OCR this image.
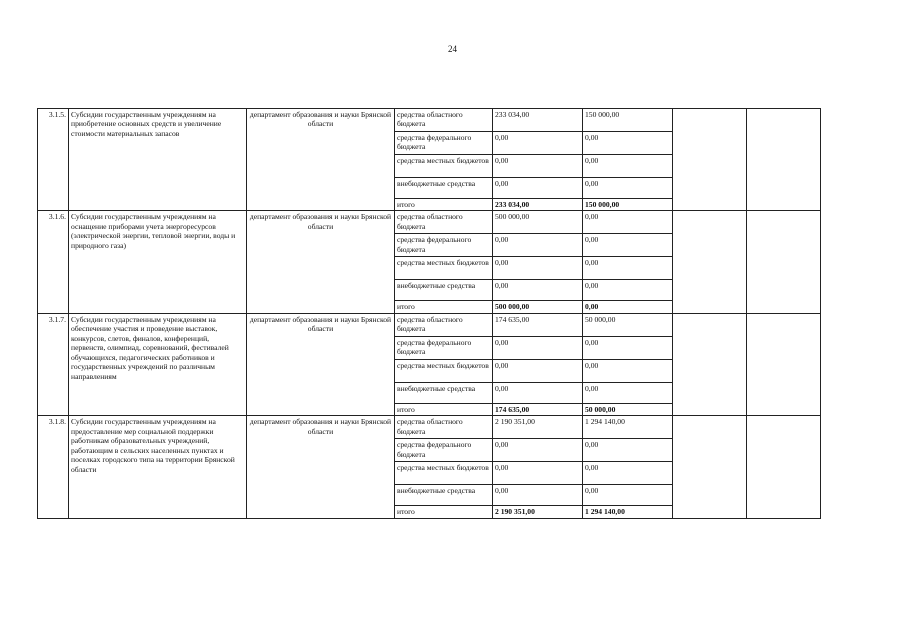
24
3.1.5.	Субсидии государственным учреждениям на приобретение основных средств и увеличение стоимости материальных запасов	департамент образования и науки Брянской области	средства областного бюджета	233 034,00	150 000,00		
			средства федерального бюджета	0,00	0,00		
			средства местных бюджетов	0,00	0,00		
			внебюджетные средства	0,00	0,00		
			итого	233 034,00	150 000,00		
3.1.6.	Субсидии государственным учреждениям на оснащение приборами учета энергоресурсов (электрической энергии, тепловой энергии, воды и природного газа)	департамент образования и науки Брянской области	средства областного бюджета	500 000,00	0,00		
			средства федерального бюджета	0,00	0,00		
			средства местных бюджетов	0,00	0,00		
			внебюджетные средства	0,00	0,00		
			итого	500 000,00	0,00		
3.1.7.	Субсидии государственным учреждениям на обеспечение участия и проведение выставок, конкурсов, слетов, финалов, конференций, первенств, олимпиад, соревнований, фестивалей обучающихся, педагогических работников и государственных учреждений по различным направлениям	департамент образования и науки Брянской области	средства областного бюджета	174 635,00	50 000,00		
			средства федерального бюджета	0,00	0,00		
			средства местных бюджетов	0,00	0,00		
			внебюджетные средства	0,00	0,00		
			итого	174 635,00	50 000,00		
3.1.8.	Субсидии государственным учреждениям на предоставление мер социальной поддержки работникам образовательных учреждений, работающим в сельских населенных пунктах и поселках городского типа на территории Брянской области	департамент образования и науки Брянской области	средства областного бюджета	2 190 351,00	1 294 140,00		
			средства федерального бюджета	0,00	0,00		
			средства местных бюджетов	0,00	0,00		
			внебюджетные средства	0,00	0,00		
			итого	2 190 351,00	1 294 140,00		
